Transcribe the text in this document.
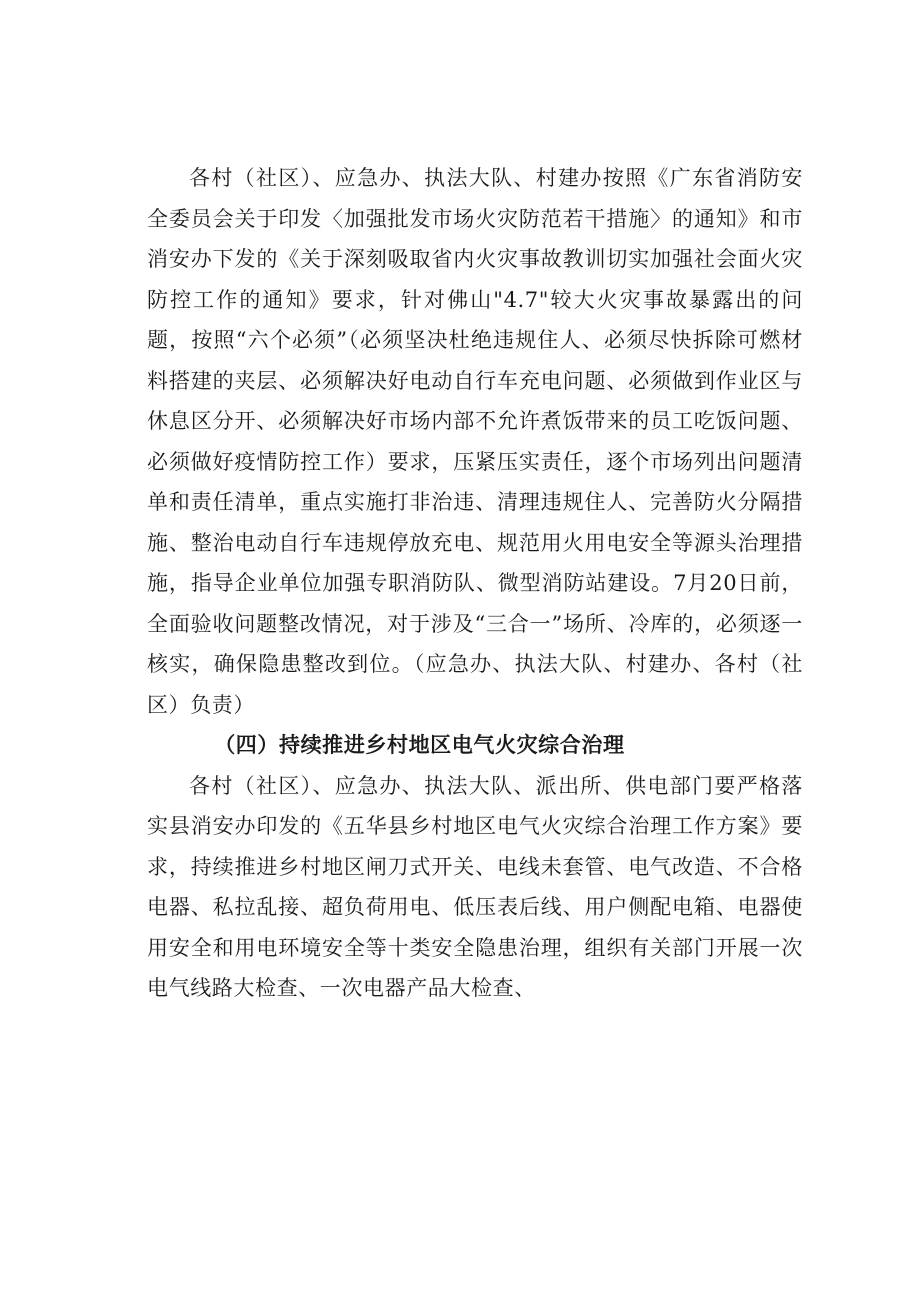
各村（社区）、应急办、执法大队、村建办按照《广东省消防安全委员会关于印发〈加强批发市场火灾防范若干措施〉的通知》和市消安办下发的《关于深刻吸取省内火灾事故教训切实加强社会面火灾防控工作的通知》要求，针对佛山"4.7"较大火灾事故暴露出的问题，按照“六个必须”（必须坚决杜绝违规住人、必须尽快拆除可燃材料搭建的夹层、必须解决好电动自行车充电问题、必须做到作业区与休息区分开、必须解决好市场内部不允许煮饭带来的员工吃饭问题、必须做好疫情防控工作）要求，压紧压实责任，逐个市场列出问题清单和责任清单，重点实施打非治违、清理违规住人、完善防火分隔措施、整治电动自行车违规停放充电、规范用火用电安全等源头治理措施，指导企业单位加强专职消防队、微型消防站建设。7月20日前，全面验收问题整改情况，对于涉及“三合一”场所、冷库的，必须逐一核实，确保隐患整改到位。（应急办、执法大队、村建办、各村（社区）负责）

（四）持续推进乡村地区电气火灾综合治理

各村（社区）、应急办、执法大队、派出所、供电部门要严格落实县消安办印发的《五华县乡村地区电气火灾综合治理工作方案》要求，持续推进乡村地区闸刀式开关、电线未套管、电气改造、不合格电器、私拉乱接、超负荷用电、低压表后线、用户侧配电箱、电器使用安全和用电环境安全等十类安全隐患治理，组织有关部门开展一次电气线路大检查、一次电器产品大检查、
